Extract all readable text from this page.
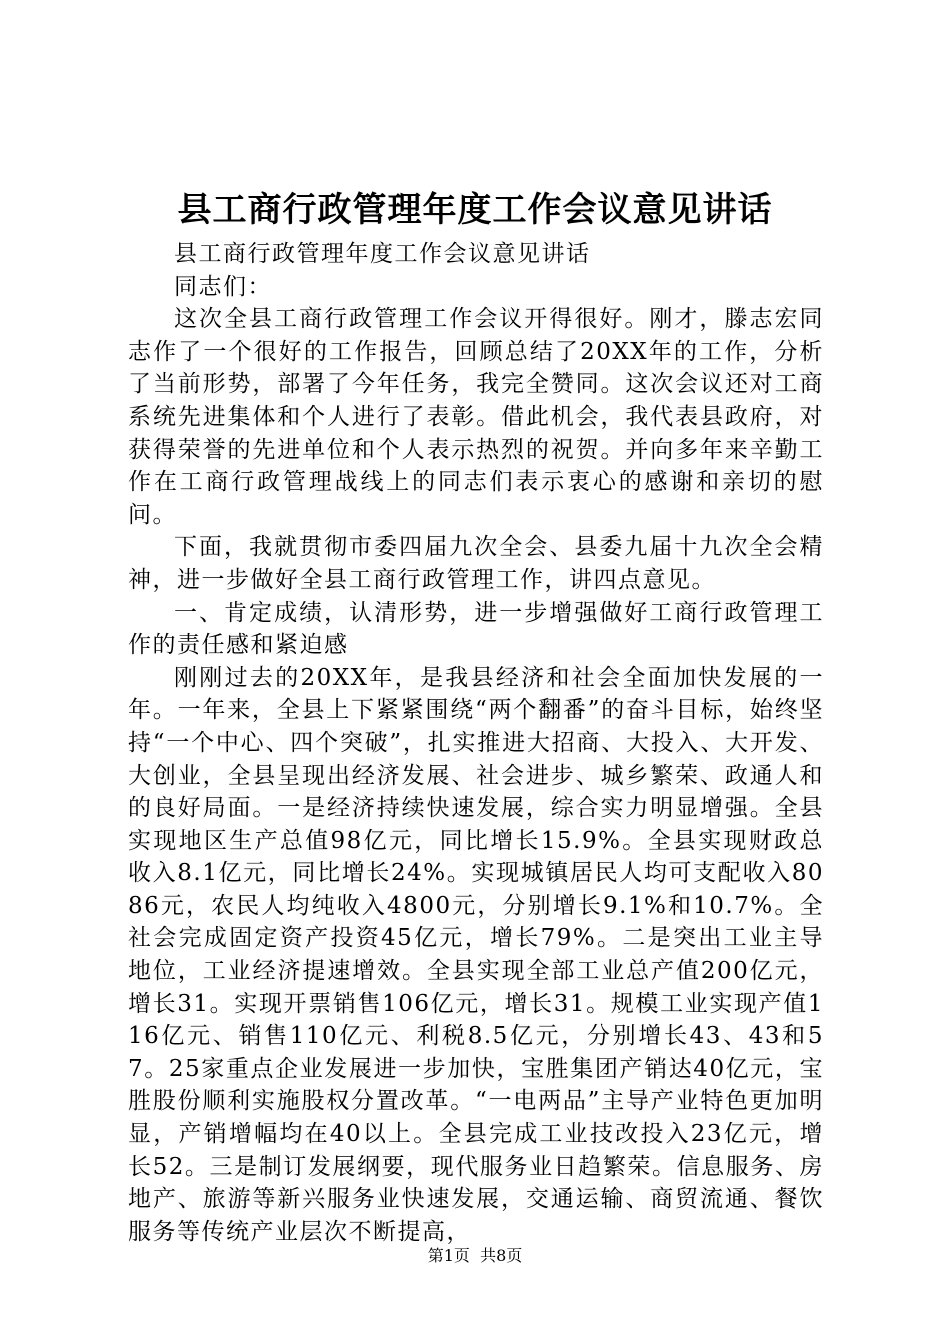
县工商行政管理年度工作会议意见讲话

县工商行政管理年度工作会议意见讲话

同志们：

这次全县工商行政管理工作会议开得很好。刚才，滕志宏同志作了一个很好的工作报告，回顾总结了20XX年的工作，分析了当前形势，部署了今年任务，我完全赞同。这次会议还对工商系统先进集体和个人进行了表彰。借此机会，我代表县政府，对获得荣誉的先进单位和个人表示热烈的祝贺。并向多年来辛勤工作在工商行政管理战线上的同志们表示衷心的感谢和亲切的慰问。

下面，我就贯彻市委四届九次全会、县委九届十九次全会精神，进一步做好全县工商行政管理工作，讲四点意见。

一、肯定成绩，认清形势，进一步增强做好工商行政管理工作的责任感和紧迫感

刚刚过去的20XX年，是我县经济和社会全面加快发展的一年。一年来，全县上下紧紧围绕“两个翻番”的奋斗目标，始终坚持“一个中心、四个突破”，扎实推进大招商、大投入、大开发、大创业，全县呈现出经济发展、社会进步、城乡繁荣、政通人和的良好局面。一是经济持续快速发展，综合实力明显增强。全县实现地区生产总值98亿元，同比增长15.9%。全县实现财政总收入8.1亿元，同比增长24%。实现城镇居民人均可支配收入8086元，农民人均纯收入4800元，分别增长9.1%和10.7%。全社会完成固定资产投资45亿元，增长79%。二是突出工业主导地位，工业经济提速增效。全县实现全部工业总产值200亿元，增长31。实现开票销售106亿元，增长31。规模工业实现产值116亿元、销售110亿元、利税8.5亿元，分别增长43、43和57。25家重点企业发展进一步加快，宝胜集团产销达40亿元，宝胜股份顺利实施股权分置改革。“一电两品”主导产业特色更加明显，产销增幅均在40以上。全县完成工业技改投入23亿元，增长52。三是制订发展纲要，现代服务业日趋繁荣。信息服务、房地产、旅游等新兴服务业快速发展，交通运输、商贸流通、餐饮服务等传统产业层次不断提高，

第1页 共8页
